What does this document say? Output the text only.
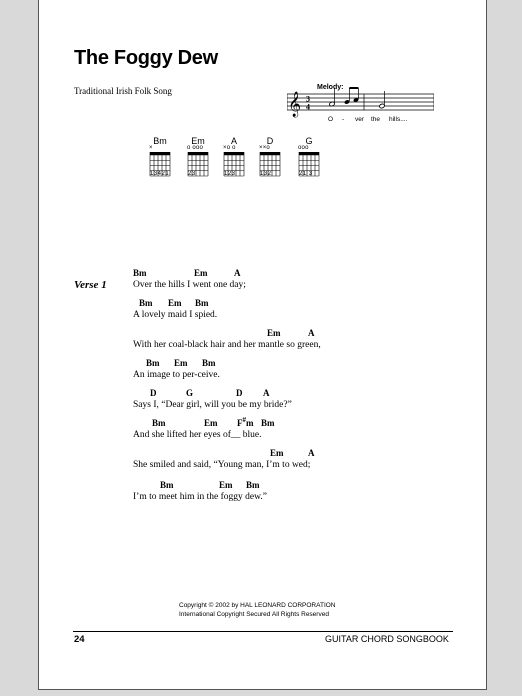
The Foggy Dew
Traditional Irish Folk Song	Melody:
𝄞 3
4
O - ver the hills....
Bm
×
13421
Em
o ooo
23
A
×o o
123
D
××o
132
G
ooo
21 3
Verse 1
Bm	Em	A
Over the hills I went one day;
Bm Em Bm
A lovely maid I spied.
Em	A
With her coal-black hair and her mantle so green,
Bm Em Bm
An image to per-ceive.
D	G	D A
Says I, “Dear girl, will you be my bride?”
Bm	Em F#m Bm
And she lifted her eyes of__ blue.
Em	A
She smiled and said, “Young man, I’m to wed;
Bm	Em Bm
I’m to meet him in the foggy dew.”
Copyright © 2002 by HAL LEONARD CORPORATION
International Copyright Secured All Rights Reserved
24	GUITAR CHORD SONGBOOK
